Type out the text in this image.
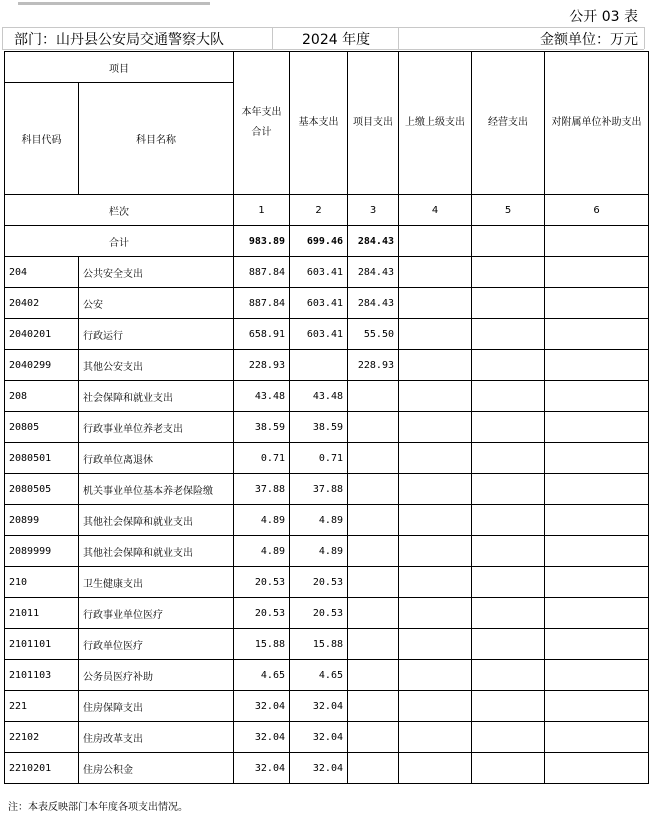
公开 03 表
部门：山丹县公安局交通警察大队	2024 年度	金额单位：万元
项目		本年支出合计	基本支出	项目支出	上缴上级支出	经营支出	对附属单位补助支出
科目代码	科目名称						
栏次		1	2	3	4	5	6
合计		983.89	699.46	284.43			
204	公共安全支出	887.84	603.41	284.43			
20402	公安	887.84	603.41	284.43			
2040201	行政运行	658.91	603.41	55.50			
2040299	其他公安支出	228.93		228.93			
208	社会保障和就业支出	43.48	43.48				
20805	行政事业单位养老支出	38.59	38.59				
2080501	行政单位离退休	0.71	0.71				
2080505	机关事业单位基本养老保险缴	37.88	37.88				
20899	其他社会保障和就业支出	4.89	4.89				
2089999	其他社会保障和就业支出	4.89	4.89				
210	卫生健康支出	20.53	20.53				
21011	行政事业单位医疗	20.53	20.53				
2101101	行政单位医疗	15.88	15.88				
2101103	公务员医疗补助	4.65	4.65				
221	住房保障支出	32.04	32.04				
22102	住房改革支出	32.04	32.04				
2210201	住房公积金	32.04	32.04				
注：本表反映部门本年度各项支出情况。
